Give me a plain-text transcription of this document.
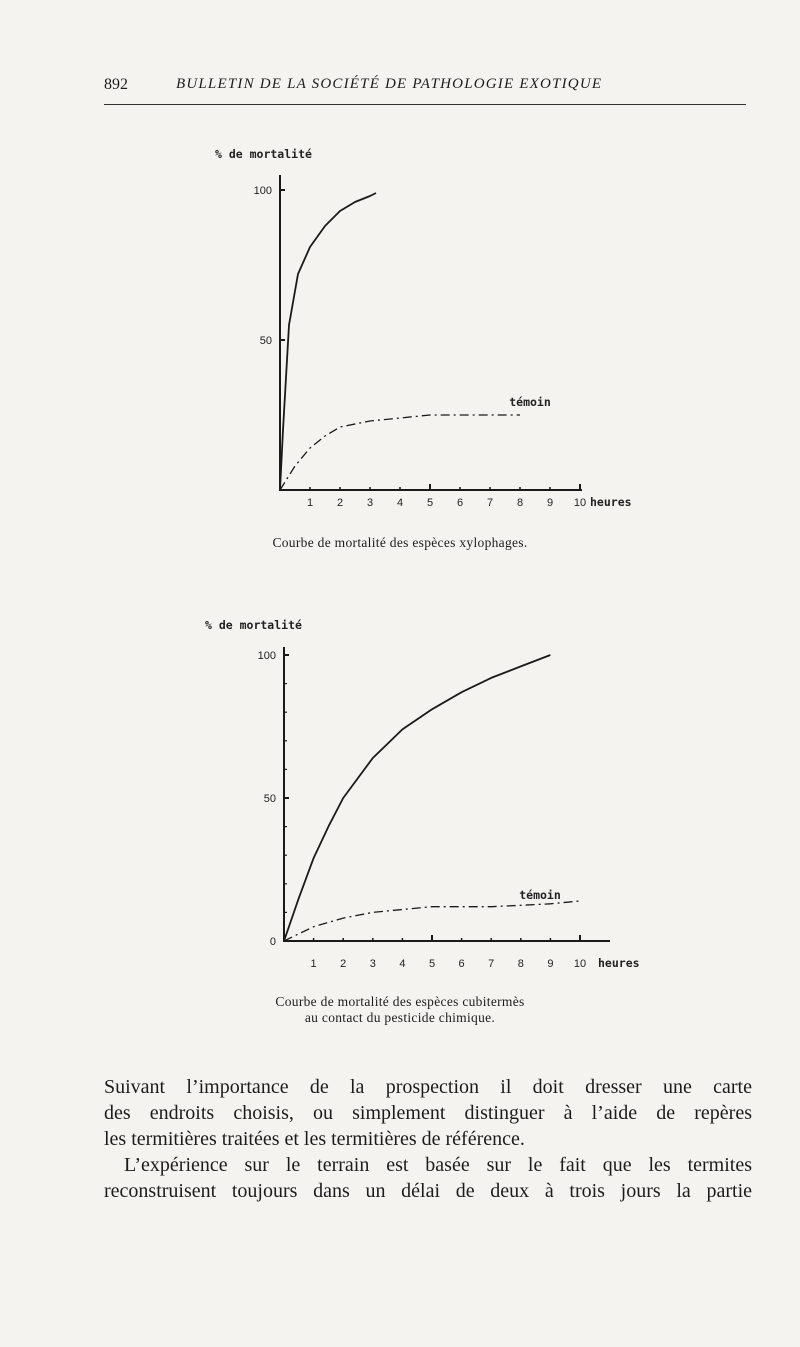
892	BULLETIN DE LA SOCIÉTÉ DE PATHOLOGIE EXOTIQUE
% de mortalité
50
100
1 2 3 4 5 6 7 8 9 10 heures
témoin
Courbe de mortalité des espèces xylophages.
% de mortalité
0
50
100
1 2 3 4 5 6 7 8 9 10 heures
témoin
Courbe de mortalité des espèces cubitermès
au contact du pesticide chimique.

Suivant l’importance de la prospection il doit dresser une carte

des endroits choisis, ou simplement distinguer à l’aide de repères

les termitières traitées et les termitières de référence.

L’expérience sur le terrain est basée sur le fait que les termites

reconstruisent toujours dans un délai de deux à trois jours la partie
